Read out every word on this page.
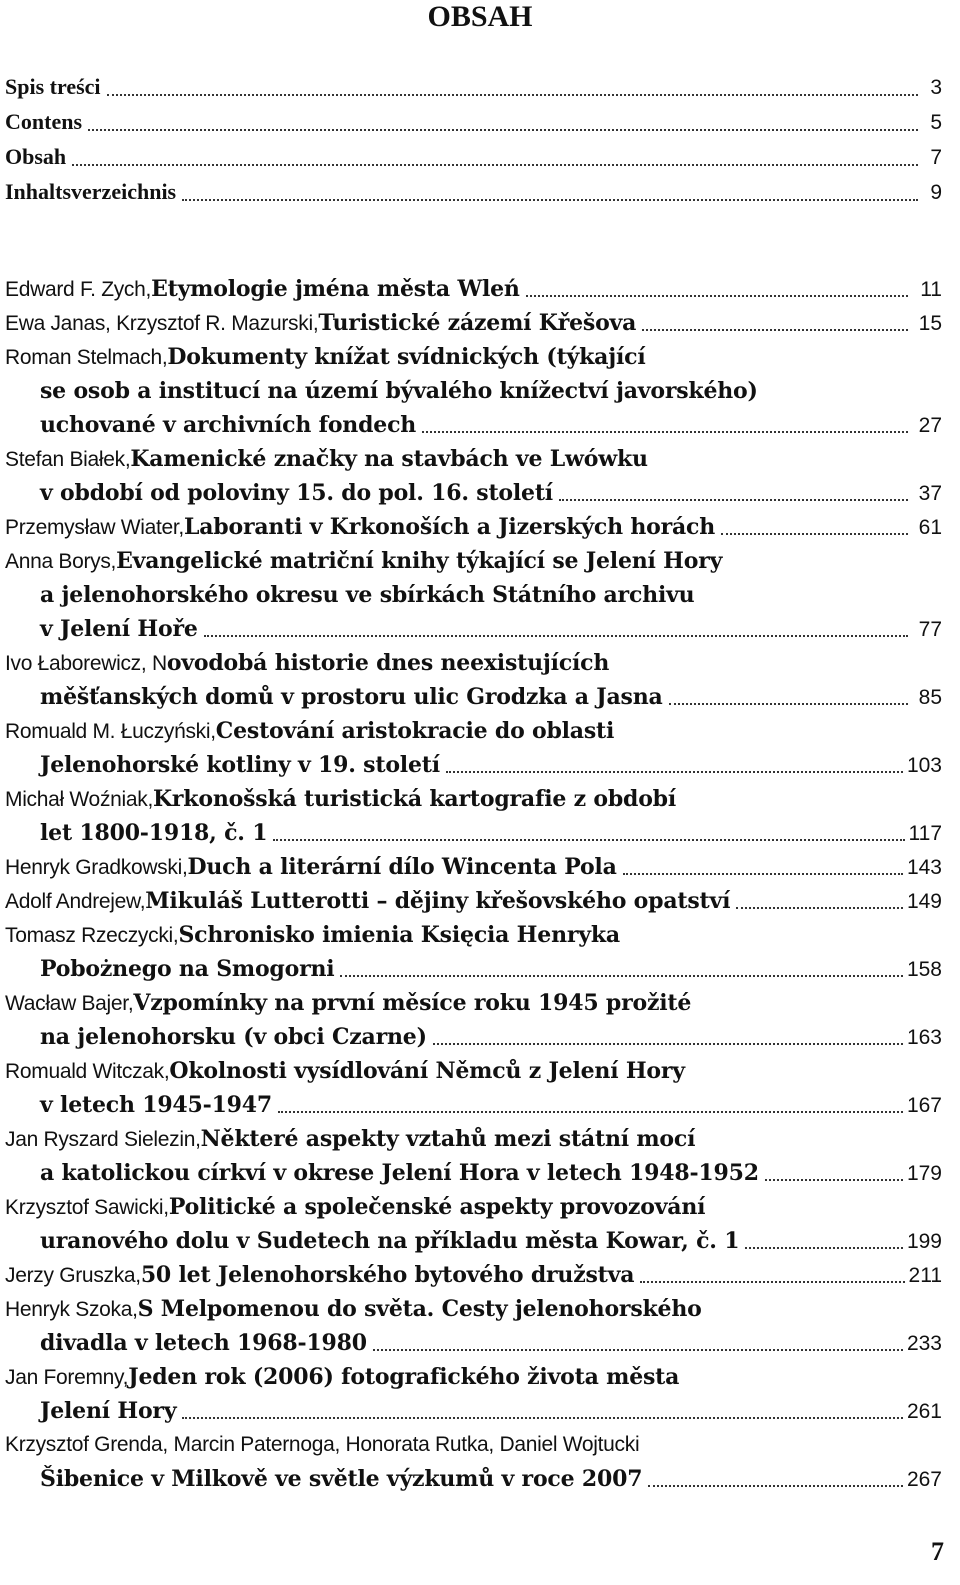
OBSAH
Spis treści	3
Contens	5
Obsah	7
Inhaltsverzeichnis	9
Edward F. Zych, Etymologie jména města Wleń	11
Ewa Janas, Krzysztof R. Mazurski, Turistické zázemí Křešova	15
Roman Stelmach, Dokumenty knížat svídnických (týkající
se osob a institucí na území bývalého knížectví javorského)
uchované v archivních fondech	27
Stefan Białek, Kamenické značky na stavbách ve Lwówku
v období od poloviny 15. do pol. 16. století	37
Przemysław Wiater, Laboranti v Krkonoších a Jizerských horách	61
Anna Borys, Evangelické matriční knihy týkající se Jelení Hory
a jelenohorského okresu ve sbírkách Státního archivu
v Jelení Hoře	77
Ivo Łaborewicz, N ovodobá historie dnes neexistujících
měšťanských domů v prostoru ulic Grodzka a Jasna	85
Romuald M. Łuczyński, Cestování aristokracie do oblasti
Jelenohorské kotliny v 19. století	103
Michał Woźniak, Krkonošská turistická kartografie z období
let 1800-1918, č. 1	117
Henryk Gradkowski, Duch a literární dílo Wincenta Pola	143
Adolf Andrejew, Mikuláš Lutterotti – dějiny křešovského opatství	149
Tomasz Rzeczycki, Schronisko imienia Księcia Henryka
Pobożnego na Smogorni	158
Wacław Bajer, Vzpomínky na první měsíce roku 1945 prožité
na jelenohorsku (v obci Czarne)	163
Romuald Witczak, Okolnosti vysídlování Němců z Jelení Hory
v letech 1945-1947	167
Jan Ryszard Sielezin, Některé aspekty vztahů mezi státní mocí
a katolickou církví v okrese Jelení Hora v letech 1948-1952	179
Krzysztof Sawicki, Politické a společenské aspekty provozování
uranového dolu v Sudetech na příkladu města Kowar, č. 1	199
Jerzy Gruszka, 50 let Jelenohorského bytového družstva	211
Henryk Szoka, S Melpomenou do světa. Cesty jelenohorského
divadla v letech 1968-1980	233
Jan Foremny, Jeden rok (2006) fotografického života města
Jelení Hory	261
Krzysztof Grenda, Marcin Paternoga, Honorata Rutka, Daniel Wojtucki
Šibenice v Milkově ve světle výzkumů v roce 2007	267
7
